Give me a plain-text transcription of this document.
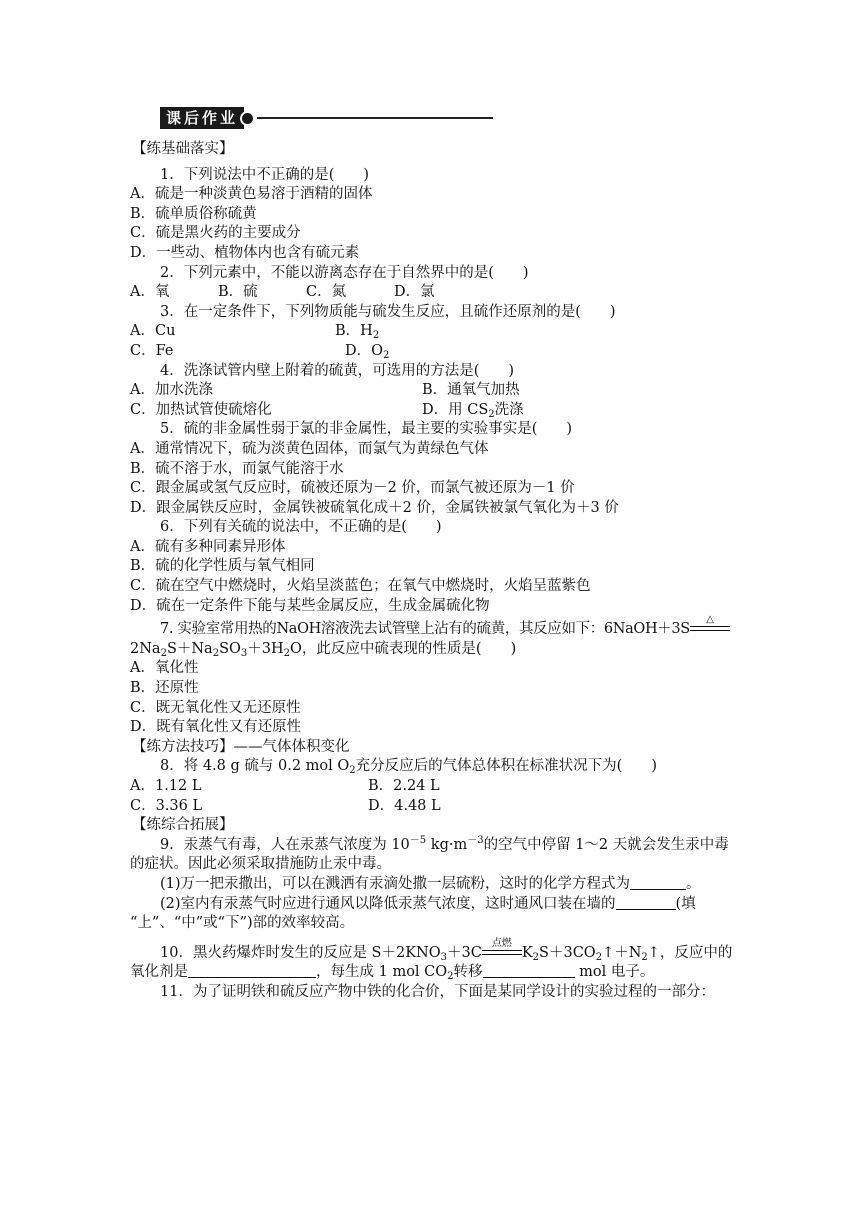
课后作业
【练基础落实】
1．下列说法中不正确的是(　　)
A．硫是一种淡黄色易溶于酒精的固体
B．硫单质俗称硫黄
C．硫是黑火药的主要成分
D．一些动、植物体内也含有硫元素
2．下列元素中，不能以游离态存在于自然界中的是(　　)
A．氧	B．硫	C．氮	D．氯
3．在一定条件下，下列物质能与硫发生反应，且硫作还原剂的是(　　)
A．Cu	B．$H_2$
C．Fe	D．$O_2$
4．洗涤试管内壁上附着的硫黄，可选用的方法是(　　)
A．加水洗涤	B．通氧气加热
C．加热试管使硫熔化	D．用 $CS_2$洗涤
5．硫的非金属性弱于氯的非金属性，最主要的实验事实是(　　)
A．通常情况下，硫为淡黄色固体，而氯气为黄绿色气体
B．硫不溶于水，而氯气能溶于水
C．跟金属或氢气反应时，硫被还原为－2 价，而氯气被还原为－1 价
D．跟金属铁反应时，金属铁被硫氧化成＋2 价，金属铁被氯气氧化为＋3 价
6．下列有关硫的说法中，不正确的是(　　)
A．硫有多种同素异形体
B．硫的化学性质与氧气相同
C．硫在空气中燃烧时，火焰呈淡蓝色；在氧气中燃烧时，火焰呈蓝紫色
D．硫在一定条件下能与某些金属反应，生成金属硫化物
7. 实验室常用热的NaOH溶液洗去试管壁上沾有的硫黄，其反应如下：6NaOH＋3S
△
$2Na_2S+Na_2SO_3+3H_2O$，此反应中硫表现的性质是(　　)
A．氧化性
B．还原性
C．既无氧化性又无还原性
D．既有氧化性又有还原性
【练方法技巧】——气体体积变化
8．将 4.8 g 硫与 0.2 mol $O_2$充分反应后的气体总体积在标准状况下为(　　)
A．1.12 L	B．2.24 L
C．3.36 L	D．4.48 L
【练综合拓展】
9．汞蒸气有毒，人在汞蒸气浓度为 $10^{-5}$ $kg\cdot m^{-3}$的空气中停留 1～2 天就会发生汞中毒
的症状。因此必须采取措施防止汞中毒。
(1)万一把汞撒出，可以在溅洒有汞滴处撒一层硫粉，这时的化学方程式为	。
(2)室内有汞蒸气时应进行通风以降低汞蒸气浓度，这时通风口装在墙的	(填
“上”、“中”或“下”)部的效率较高。
10．黑火药爆炸时发生的反应是 $S+2KNO_3+3C$
点燃
$K_2S+3CO_2↑+N_2↑$，反应中的
氧化剂是	，每生成 1 mol $CO_2$转移	mol 电子。
11．为了证明铁和硫反应产物中铁的化合价，下面是某同学设计的实验过程的一部分：
